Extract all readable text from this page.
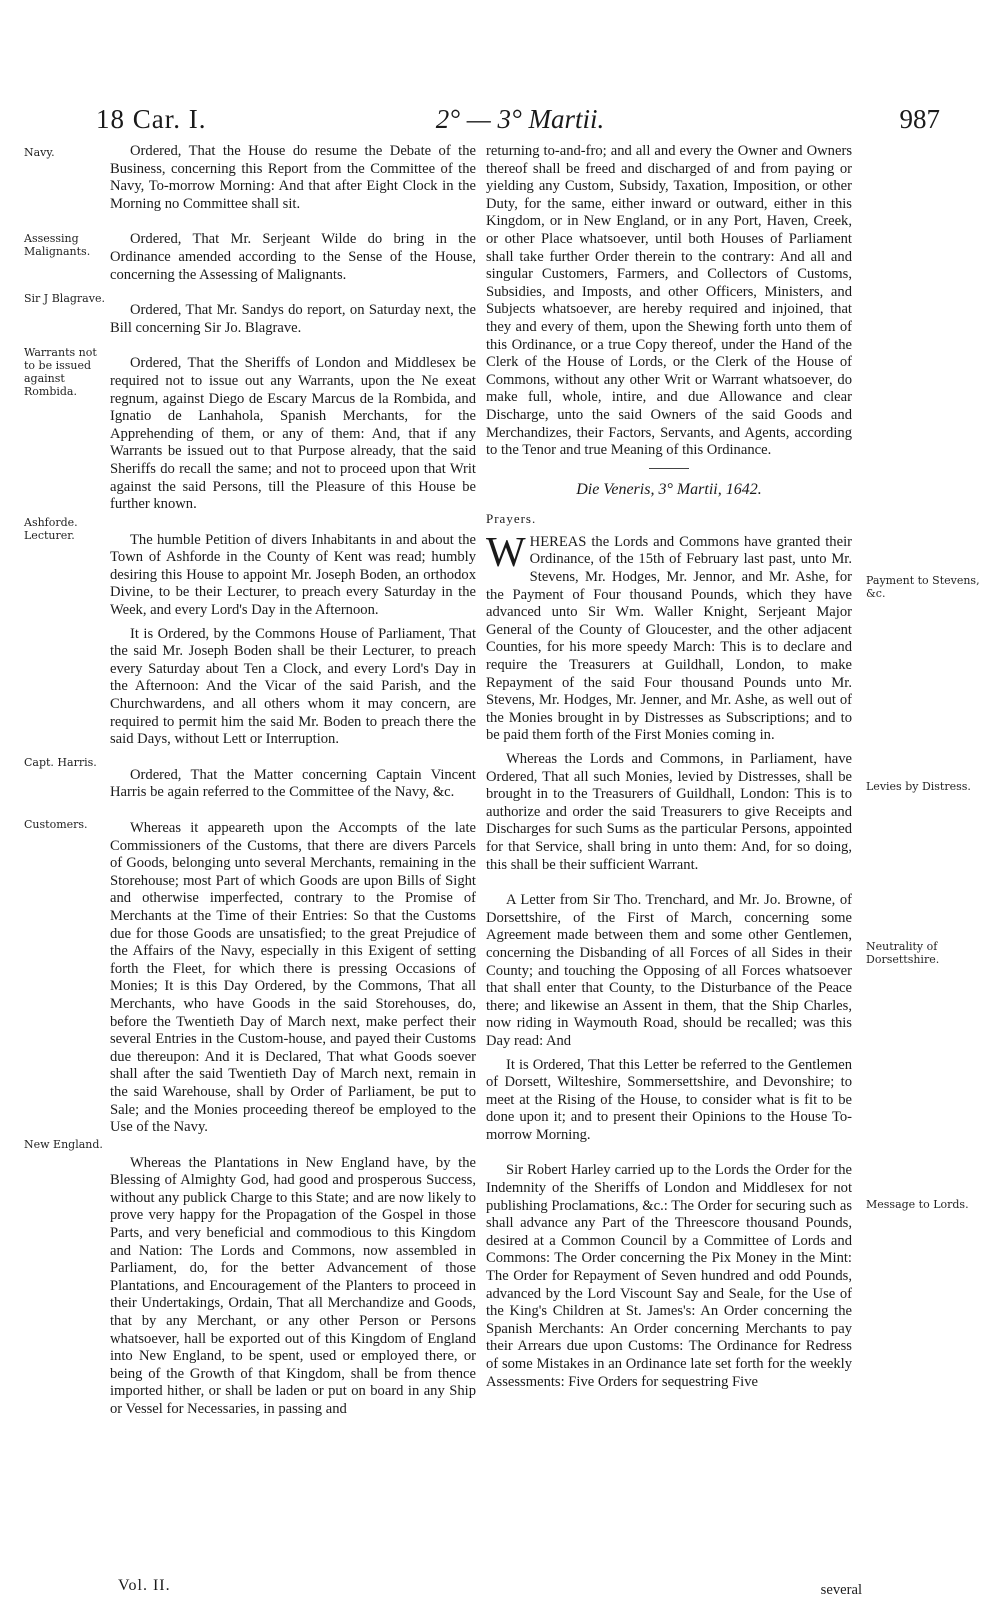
18 Car. I.	2° — 3° Martii.	987
Navy.
Assessing Malignants.
Sir J Blagrave.
Warrants not to be issued against Rombida.
Ashforde. Lecturer.
Capt. Harris.
Customers.
New England.
Payment to Stevens, &c.
Levies by Distress.
Neutrality of Dorsettshire.
Message to Lords.

Ordered, That the House do resume the Debate of the Business, concerning this Report from the Committee of the Navy, To-morrow Morning: And that after Eight Clock in the Morning no Committee shall sit.

Ordered, That Mr. Serjeant Wilde do bring in the Ordinance amended according to the Sense of the House, concerning the Assessing of Malignants.

Ordered, That Mr. Sandys do report, on Saturday next, the Bill concerning Sir Jo. Blagrave.

Ordered, That the Sheriffs of London and Middlesex be required not to issue out any Warrants, upon the Ne exeat regnum, against Diego de Escary Marcus de la Rombida, and Ignatio de Lanhahola, Spanish Merchants, for the Apprehending of them, or any of them: And, that if any Warrants be issued out to that Purpose already, that the said Sheriffs do recall the same; and not to proceed upon that Writ against the said Persons, till the Pleasure of this House be further known.

The humble Petition of divers Inhabitants in and about the Town of Ashforde in the County of Kent was read; humbly desiring this House to appoint Mr. Joseph Boden, an orthodox Divine, to be their Lecturer, to preach every Saturday in the Week, and every Lord's Day in the Afternoon.

It is Ordered, by the Commons House of Parliament, That the said Mr. Joseph Boden shall be their Lecturer, to preach every Saturday about Ten a Clock, and every Lord's Day in the Afternoon: And the Vicar of the said Parish, and the Churchwardens, and all others whom it may concern, are required to permit him the said Mr. Boden to preach there the said Days, without Lett or Interruption.

Ordered, That the Matter concerning Captain Vincent Harris be again referred to the Committee of the Navy, &c.

Whereas it appeareth upon the Accompts of the late Commissioners of the Customs, that there are divers Parcels of Goods, belonging unto several Merchants, remaining in the Storehouse; most Part of which Goods are upon Bills of Sight and otherwise imperfected, contrary to the Promise of Merchants at the Time of their Entries: So that the Customs due for those Goods are unsatisfied; to the great Prejudice of the Affairs of the Navy, especially in this Exigent of setting forth the Fleet, for which there is pressing Occasions of Monies; It is this Day Ordered, by the Commons, That all Merchants, who have Goods in the said Storehouses, do, before the Twentieth Day of March next, make perfect their several Entries in the Custom-house, and payed their Customs due thereupon: And it is Declared, That what Goods soever shall after the said Twentieth Day of March next, remain in the said Warehouse, shall by Order of Parliament, be put to Sale; and the Monies proceeding thereof be employed to the Use of the Navy.

Whereas the Plantations in New England have, by the Blessing of Almighty God, had good and prosperous Success, without any publick Charge to this State; and are now likely to prove very happy for the Propagation of the Gospel in those Parts, and very beneficial and commodious to this Kingdom and Nation: The Lords and Commons, now assembled in Parliament, do, for the better Advancement of those Plantations, and Encouragement of the Planters to proceed in their Undertakings, Ordain, That all Merchandize and Goods, that by any Merchant, or any other Person or Persons whatsoever, hall be exported out of this Kingdom of England into New England, to be spent, used or employed there, or being of the Growth of that Kingdom, shall be from thence imported hither, or shall be laden or put on board in any Ship or Vessel for Necessaries, in passing and

returning to-and-fro; and all and every the Owner and Owners thereof shall be freed and discharged of and from paying or yielding any Custom, Subsidy, Taxation, Imposition, or other Duty, for the same, either inward or outward, either in this Kingdom, or in New England, or in any Port, Haven, Creek, or other Place whatsoever, until both Houses of Parliament shall take further Order therein to the contrary: And all and singular Customers, Farmers, and Collectors of Customs, Subsidies, and Imposts, and other Officers, Ministers, and Subjects whatsoever, are hereby required and injoined, that they and every of them, upon the Shewing forth unto them of this Ordinance, or a true Copy thereof, under the Hand of the Clerk of the House of Lords, or the Clerk of the House of Commons, without any other Writ or Warrant whatsoever, do make full, whole, intire, and due Allowance and clear Discharge, unto the said Owners of the said Goods and Merchandizes, their Factors, Servants, and Agents, according to the Tenor and true Meaning of this Ordinance.

Die Veneris, 3° Martii, 1642.

Prayers.

WHEREAS the Lords and Commons have granted their Ordinance, of the 15th of February last past, unto Mr. Stevens, Mr. Hodges, Mr. Jennor, and Mr. Ashe, for the Payment of Four thousand Pounds, which they have advanced unto Sir Wm. Waller Knight, Serjeant Major General of the County of Gloucester, and the other adjacent Counties, for his more speedy March: This is to declare and require the Treasurers at Guildhall, London, to make Repayment of the said Four thousand Pounds unto Mr. Stevens, Mr. Hodges, Mr. Jenner, and Mr. Ashe, as well out of the Monies brought in by Distresses as Subscriptions; and to be paid them forth of the First Monies coming in.

Whereas the Lords and Commons, in Parliament, have Ordered, That all such Monies, levied by Distresses, shall be brought in to the Treasurers of Guildhall, London: This is to authorize and order the said Treasurers to give Receipts and Discharges for such Sums as the particular Persons, appointed for that Service, shall bring in unto them: And, for so doing, this shall be their sufficient Warrant.

A Letter from Sir Tho. Trenchard, and Mr. Jo. Browne, of Dorsettshire, of the First of March, concerning some Agreement made between them and some other Gentlemen, concerning the Disbanding of all Forces of all Sides in their County; and touching the Opposing of all Forces whatsoever that shall enter that County, to the Disturbance of the Peace there; and likewise an Assent in them, that the Ship Charles, now riding in Waymouth Road, should be recalled; was this Day read: And

It is Ordered, That this Letter be referred to the Gentlemen of Dorsett, Wilteshire, Sommersettshire, and Devonshire; to meet at the Rising of the House, to consider what is fit to be done upon it; and to present their Opinions to the House To-morrow Morning.

Sir Robert Harley carried up to the Lords the Order for the Indemnity of the Sheriffs of London and Middlesex for not publishing Proclamations, &c.: The Order for securing such as shall advance any Part of the Threescore thousand Pounds, desired at a Common Council by a Committee of Lords and Commons: The Order concerning the Pix Money in the Mint: The Order for Repayment of Seven hundred and odd Pounds, advanced by the Lord Viscount Say and Seale, for the Use of the King's Children at St. James's: An Order concerning the Spanish Merchants: An Order concerning Merchants to pay their Arrears due upon Customs: The Ordinance for Redress of some Mistakes in an Ordinance late set forth for the weekly Assessments: Five Orders for sequestring Five

Vol. II.	several
